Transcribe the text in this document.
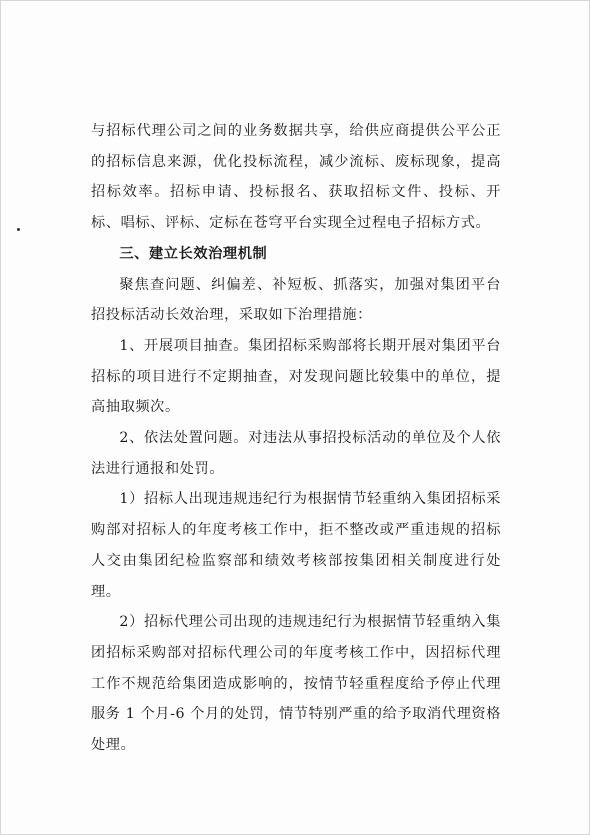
与招标代理公司之间的业务数据共享，给供应商提供公平公正的招标信息来源，优化投标流程，减少流标、废标现象，提高招标效率。招标申请、投标报名、获取招标文件、投标、开标、唱标、评标、定标在苍穹平台实现全过程电子招标方式。

三、建立长效治理机制

聚焦查问题、纠偏差、补短板、抓落实，加强对集团平台招投标活动长效治理，采取如下治理措施：

1、开展项目抽查。集团招标采购部将长期开展对集团平台招标的项目进行不定期抽查，对发现问题比较集中的单位，提高抽取频次。

2、依法处置问题。对违法从事招投标活动的单位及个人依法进行通报和处罚。

1）招标人出现违规违纪行为根据情节轻重纳入集团招标采购部对招标人的年度考核工作中，拒不整改或严重违规的招标人交由集团纪检监察部和绩效考核部按集团相关制度进行处理。

2）招标代理公司出现的违规违纪行为根据情节轻重纳入集团招标采购部对招标代理公司的年度考核工作中，因招标代理工作不规范给集团造成影响的，按情节轻重程度给予停止代理服务 1 个月-6 个月的处罚，情节特别严重的给予取消代理资格处理。
